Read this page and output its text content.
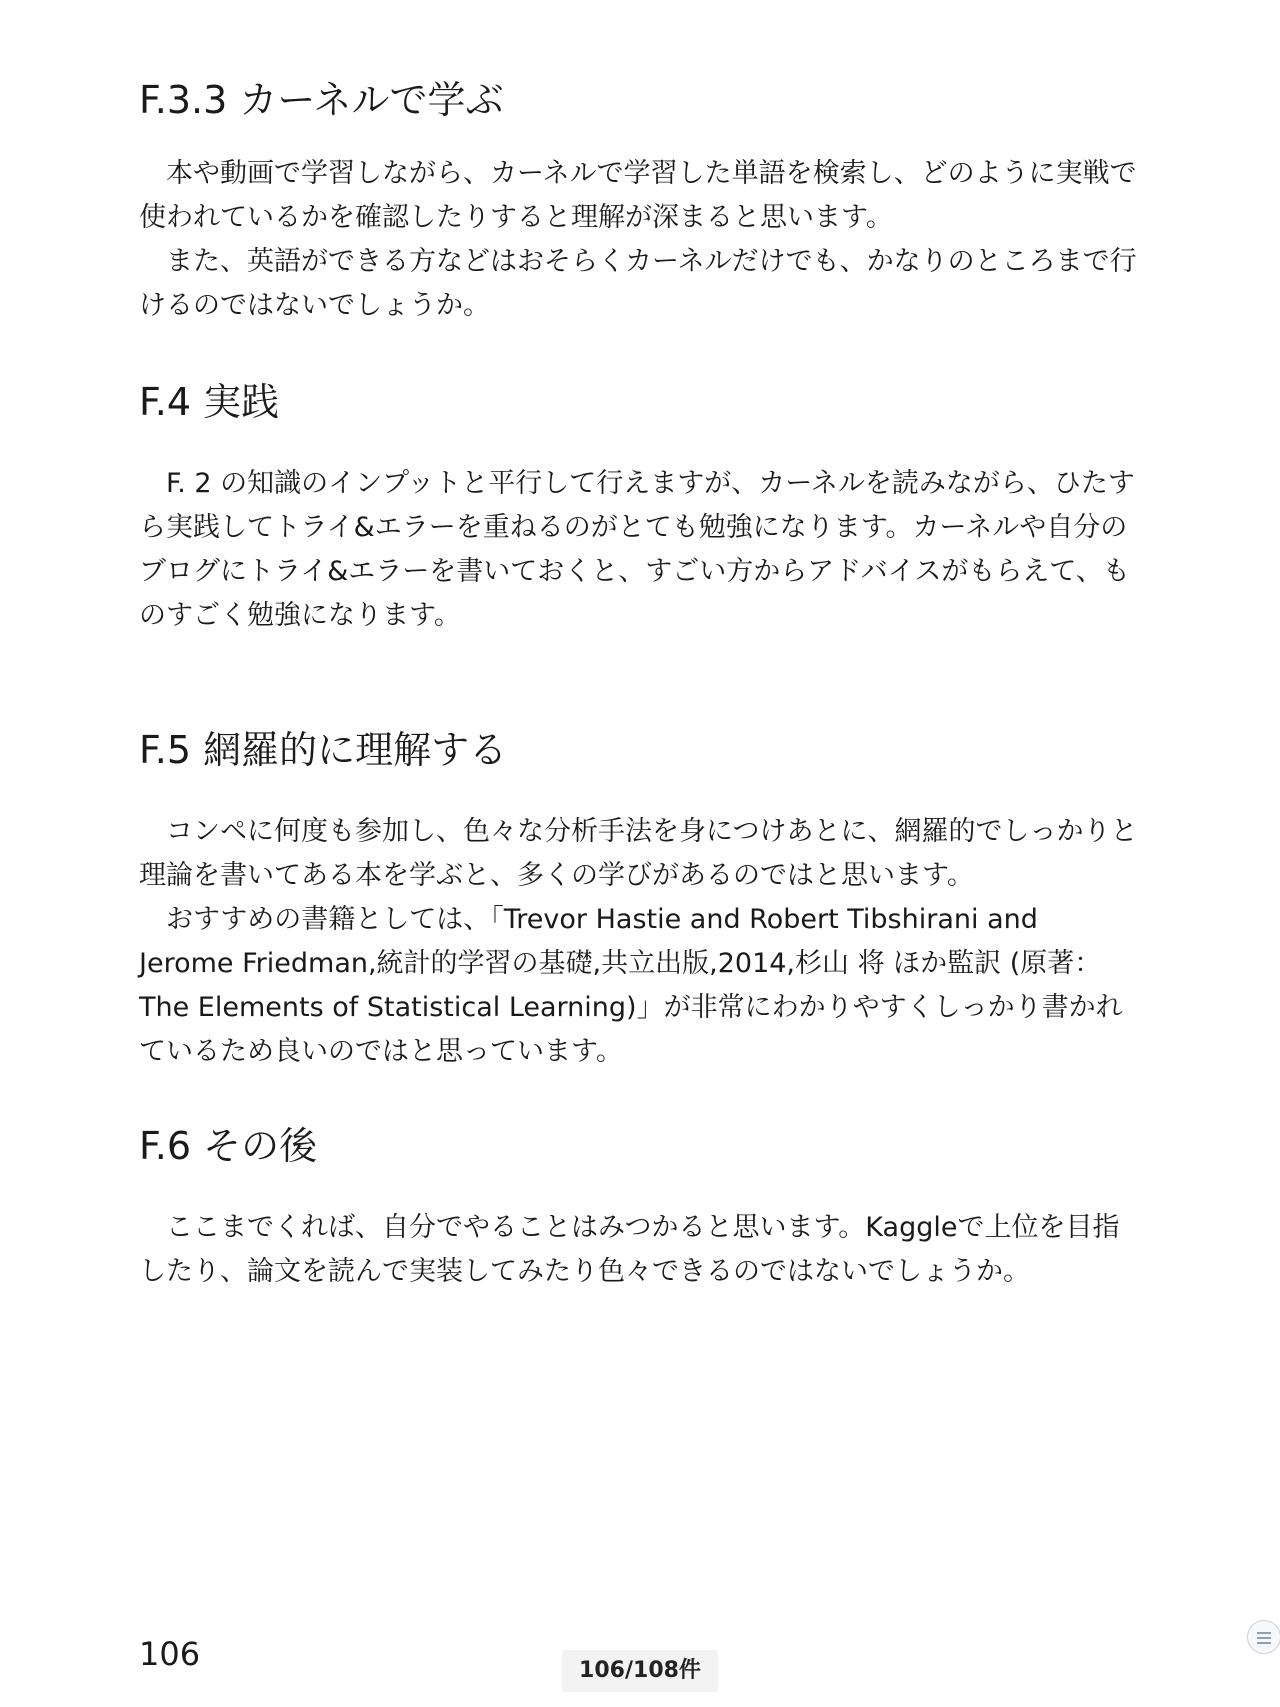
F.3.3 カーネルで学ぶ

本や動画で学習しながら、カーネルで学習した単語を検索し、どのように実戦で使われているかを確認したりすると理解が深まると思います。

また、英語ができる方などはおそらくカーネルだけでも、かなりのところまで行けるのではないでしょうか。

F.4 実践

F. 2 の知識のインプットと平行して行えますが、カーネルを読みながら、ひたすら実践してトライ&エラーを重ねるのがとても勉強になります。カーネルや自分のブログにトライ&エラーを書いておくと、すごい方からアドバイスがもらえて、ものすごく勉強になります。

F.5 網羅的に理解する

コンペに何度も参加し、色々な分析手法を身につけあとに、網羅的でしっかりと理論を書いてある本を学ぶと、多くの学びがあるのではと思います。

おすすめの書籍としては、「Trevor Hastie and Robert Tibshirani and Jerome Friedman,統計的学習の基礎,共立出版,2014,杉山 将 ほか監訳 (原著：The Elements of Statistical Learning)」が非常にわかりやすくしっかり書かれているため良いのではと思っています。

F.6 その後

ここまでくれば、自分でやることはみつかると思います。Kaggleで上位を目指したり、論文を読んで実装してみたり色々できるのではないでしょうか。

106	106/108件
